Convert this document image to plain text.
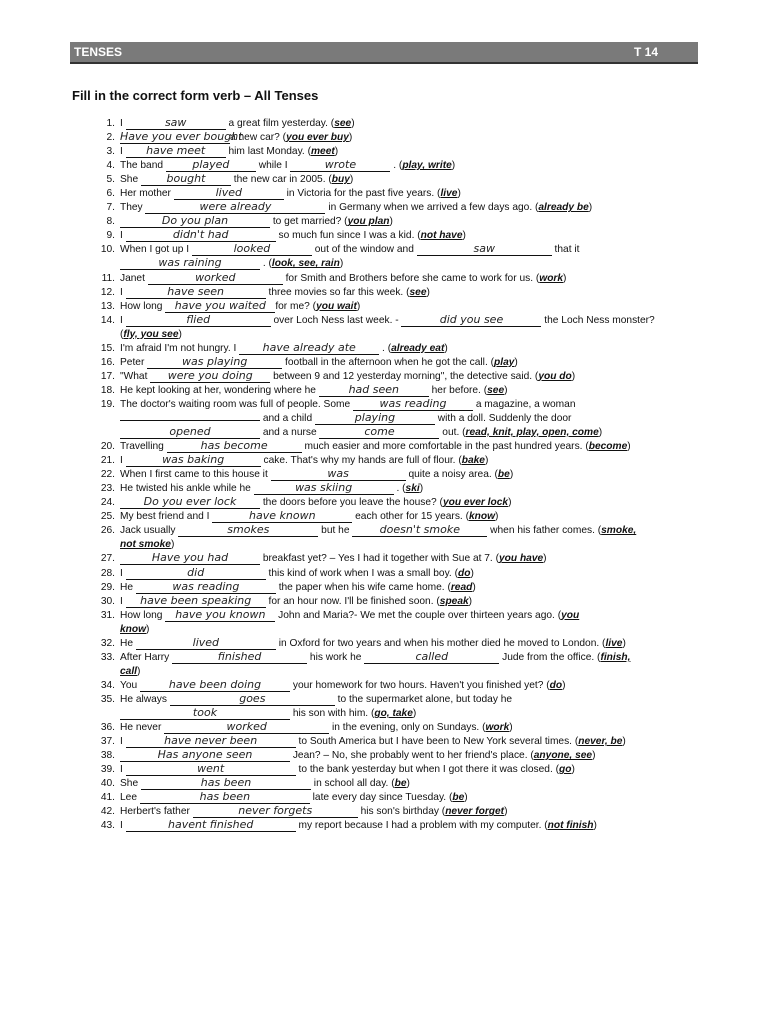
TENSES	T 14
Fill in the correct form verb – All Tenses
1. I	saw	a great film yesterday. (see)
2. Have you ever boughta new car? (you ever buy)
3. I have meet him last Monday. (meet)
4. The band played	while I	wrote	. (play, write)
5. She bought	the new car in 2005. (buy)
6. Her mother	lived	in Victoria for the past five years. (live)
7. They	were already	in Germany when we arrived a few days ago. (already be)
8.	Do you plan	to get married? (you plan)
9. I	didn't had	so much fun since I was a kid. (not have)
10. When I got up I	looked	out of the window and	saw	that it
was raining	. (look, see, rain)
11. Janet	worked	for Smith and Brothers before she came to work for us. (work)
12. I	have seen	three movies so far this week. (see)
13. How long have you waited for me? (you wait)
14. I	flied	over Loch Ness last week. -	did you see	the Loch Ness monster?
(fly, you see)
15. I'm afraid I'm not hungry. I have already ate . (already eat)
16. Peter	was playing	football in the afternoon when he got the call. (play)
17. "What were you doing between 9 and 12 yesterday morning", the detective said. (you do)
18. He kept looking at her, wondering where he	had seen	her before. (see)
19. The doctor's waiting room was full of people. Some was reading	a magazine, a woman
and a child	playing	with a doll. Suddenly the door
opened	and a nurse	come	out. (read, knit, play, open, come)
20. Travelling	has become	much easier and more comfortable in the past hundred years. (become)
21. I	was baking	cake. That's why my hands are full of flour. (bake)
22. When I first came to this house it	was	quite a noisy area. (be)
23. He twisted his ankle while he	was skiing	. (ski)
24.	Do you ever lock the doors before you leave the house? (you ever lock)
25. My best friend and I	have known	each other for 15 years. (know)
26. Jack usually	smokes	but he doesn't smoke	when his father comes. (smoke,
not smoke)
27.	Have you had	breakfast yet? – Yes I had it together with Sue at 7. (you have)
28. I	did	this kind of work when I was a small boy. (do)
29. He	was reading	the paper when his wife came home. (read)
30. I have been speaking for an hour now. I'll be finished soon. (speak)
31. How long have you known John and Maria?- We met the couple over thirteen years ago. (you
know)
32. He	lived	in Oxford for two years and when his mother died he moved to London. (live)
33. After Harry	finished	his work he	called	Jude from the office. (finish,
call)
34. You	have been doing	your homework for two hours. Haven't you finished yet? (do)
35. He always	goes	to the supermarket alone, but today he
took	his son with him. (go, take)
36. He never	worked	in the evening, only on Sundays. (work)
37. I	have never been	to South America but I have been to New York several times. (never, be)
38.	Has anyone seen	Jean? – No, she probably went to her friend's place. (anyone, see)
39. I	went	to the bank yesterday but when I got there it was closed. (go)
40. She	has been	in school all day. (be)
41. Lee	has been	late every day since Tuesday. (be)
42. Herbert's father	never forgets	his son's birthday (never forget)
43. I	havent finished	my report because I had a problem with my computer. (not finish)
